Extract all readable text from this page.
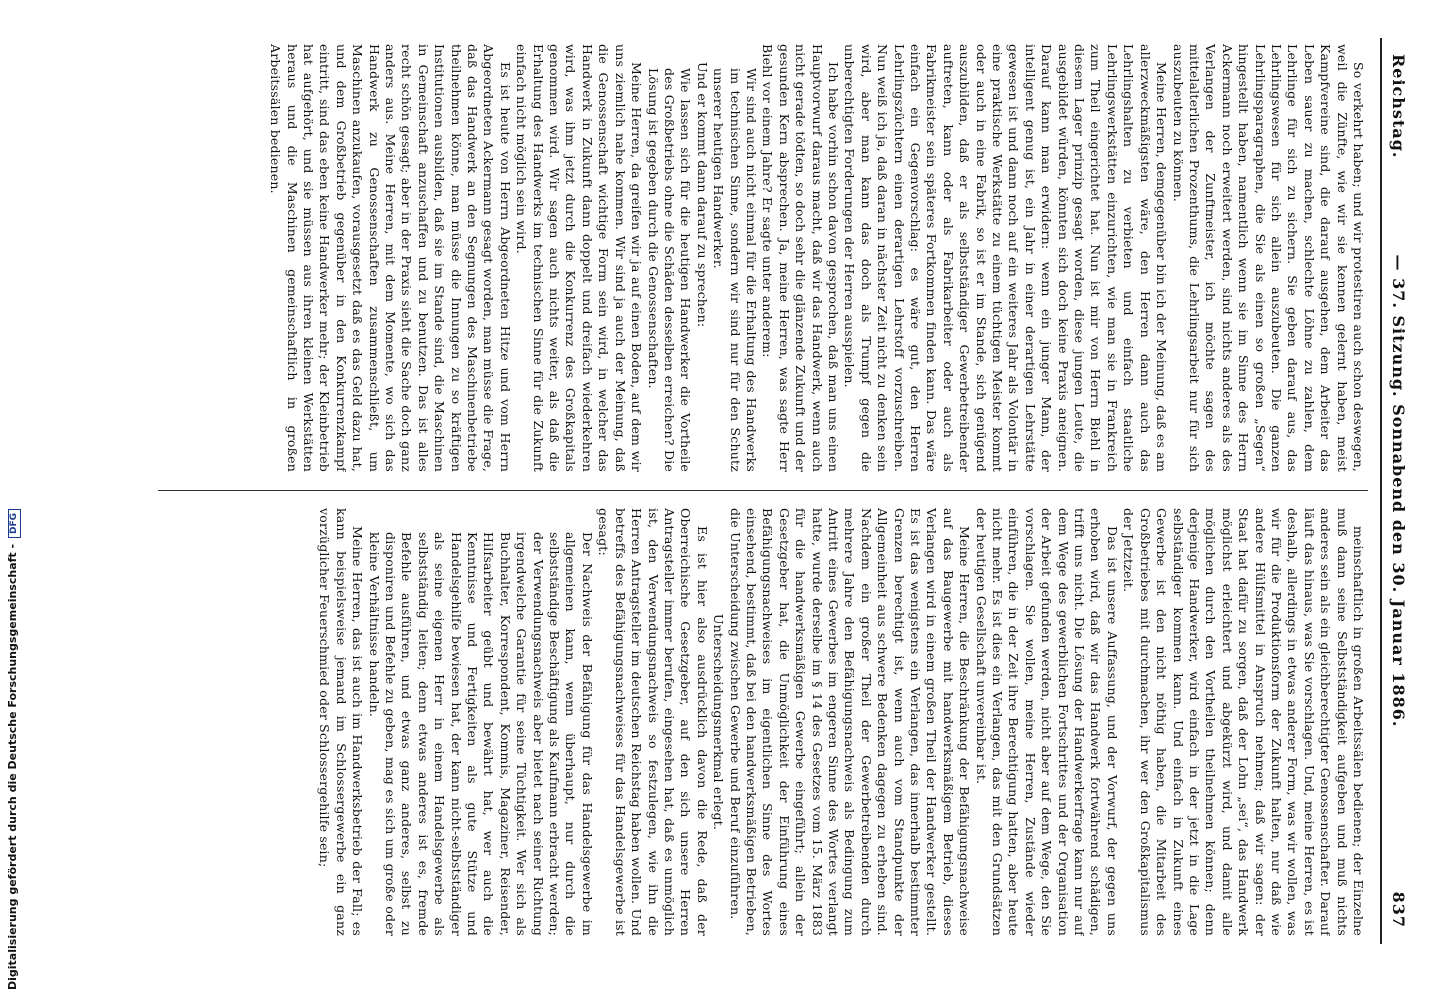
Digitalisierung gefördert durch die Deutsche Forschungsgemeinschaft -DFG
Reichstag.
— 37. Sitzung. Sonnabend den 30. Januar 1886.
837

So verkehrt haben; und wir protestiren auch schon deswegen, weil die Zünfte, wie wir sie kennen gelernt haben, meist Kampfvereine sind, die darauf ausgehen, dem Arbeiter das Leben sauer zu machen, schlechte Löhne zu zahlen, dem Lehrlinge für sich zu sichern. Sie geben darauf aus, das Lehrlingswesen für sich allein auszubeuten. Die ganzen Lehrlingsparagraphen, die Sie als einen so großen „Segen“ hingestellt haben, namentlich wenn sie im Sinne des Herrn Ackermann noch erweitert werden, sind nichts anderes als des Verlangen der Zunftmeister, ich möchte sagen des mittelalterlichen Prozenthums, die Lehrlingsarbeit nur für sich auszubeuten zu können.

Meine Herren, demgegenüber bin ich der Meinung, daß es am allerzweckmäßigsten wäre, den Herren dann auch das Lehrlingshalten zu verbieten und einfach staatliche Lehrlingswerkstätten einzurichten, wie man sie in Frankreich zum Theil eingerichtet hat. Nun ist mir von Herrn Biehl in diesem Lager prinzip gesagt worden, diese jungen Leute, die ausgebildet würden, könnten sich doch keine Praxis aneignen. Darauf kann man erwidern: wenn ein junger Mann, der intelligent genug ist, ein Jahr in einer derartigen Lehrstätte gewesen ist und dann noch auf ein weiteres Jahr als Volontär in eine praktische Werkstätte zu einem tüchtigen Meister kommt oder auch in eine Fabrik, so ist er im Stande, sich genügend auszubilden, daß er als selbstständiger Gewerbetreibender auftreten, kann oder als Fabrikarbeiter oder auch als Fabrikmeister sein späteres Fortkommen finden kann. Das wäre einfach ein Gegenvorschlag: es wäre gut, den Herren Lehrlingszüchtern einen derartigen Lehrstoff vorzuschreiben. Nun weiß ich ja, daß daran in nächster Zeit nicht zu denken sein wird, aber man kann das doch als Trumpf gegen die unberechtigten Forderungen der Herren ausspielen.

Ich habe vorhin schon davon gesprochen, daß man uns einen Hauptvorwurf daraus macht, daß wir das Handwerk, wenn auch nicht gerade tödten, so doch sehr die glänzende Zukunft und der gesunden Kern absprechen. Ja, meine Herren, was sagte Herr Biehl vor einem Jahre? Er sagte unter anderem:

Wir sind auch nicht einmal für die Erhaltung des Handwerks im technischen Sinne, sondern wir sind nur für den Schutz unserer heutigen Handwerker.

Und er kommt dann darauf zu sprechen:

Wie lassen sich für die heutigen Handwerker die Vortheile des Großbetriebs ohne die Schäden desselben erreichen? Die Lösung ist gegeben durch die Genossenschaften.

Meine Herren, da greifen wir ja auf einen Boden, auf dem wir uns ziemlich nahe kommen. Wir sind ja auch der Meinung, daß die Genossenschaft wichtige Form sein wird, in welcher das Handwerk in Zukunft dann doppelt und dreifach wiederkehren wird, was ihm jetzt durch die Konkurrenz des Großkapitals genommen wird. Wir sagen auch nichts weiter, als daß die Erhaltung des Handwerks im technischen Sinne für die Zukunft einfach nicht möglich sein wird.

Es ist heute von Herrn Abgeordneten Hitze und vom Herrn Abgeordneten Ackermann gesagt worden, man müsse die Frage, daß das Handwerk an den Segnungen des Maschinenbetriebe theilnehmen könne, man müsse die Innungen zu so kräftigen Institutionen ausbilden, daß sie im Stande sind, die Maschinen in Gemeinschaft anzuschaffen und zu benutzen. Das ist alles recht schön gesagt; aber in der Praxis sieht die Sache doch ganz anders aus. Meine Herren, mit dem Momente, wo sich das Handwerk zu Genossenschaften zusammenschließt, um Maschinen anzukaufen, vorausgesetzt daß es das Geld dazu hat, und dem Großbetrieb gegenüber in den Konkurrenzkampf eintritt, sind das eben keine Handwerker mehr; der Kleinbetrieb hat aufgehört, und sie müssen aus ihren kleinen Werkstätten heraus und die Maschinen gemeinschaftlich in großen Arbeitssälen bedienen.

meinschaftlich in großen Arbeitssälen bedienen; der Einzelne muß dann seine Selbstständigkeit aufgeben und muß nichts anderes sein als ein gleichberechtigter Genossenschafter. Darauf läuft das hinaus, was Sie vorschlagen. Und, meine Herren, es ist deshalb, allerdings in etwas anderer Form, was wir wollen, was wir für die Produktionsform der Zukunft halten, nur daß wie andere Hülfsmittel in Anspruch nehmen; daß wir sagen: der Staat hat dafür zu sorgen, daß der Lohn „sei“, das Handwerk möglichst erleichtert und abgekürzt wird, und damit alle möglichen durch den Vortheilen theilnehmen können; denn derjenige Handwerker, wird einfach in der jetzt in die Lage selbständiger kommen kann. Und einfach in Zukunft eines Gewerbe ist den nicht nöthig haben, die Mitarbeit des Großbetriebes mit durchmachen, ihr wer den Großkapitalismus der Jetztzeit.

Das ist unsere Auffassung, und der Vorwurf, der gegen uns erhoben wird, daß wir das Handwerk fortwährend schädigen, trifft uns nicht. Die Lösung der Handwerkerfrage kann nur auf dem Wege des gewerblichen Fortschrittes und der Organisation der Arbeit gefunden werden, nicht aber auf dem Wege, den Sie vorschlagen. Sie wollen, meine Herren, Zustände wieder einführen, die in der Zeit ihre Berechtigung hatten, aber heute nicht mehr. Es ist dies ein Verlangen, das mit den Grundsätzen der heutigen Gesellschaft unvereinbar ist.

Meine Herren, die Beschränkung der Befähigungsnachweise auf das Baugewerbe mit handwerksmäßigem Betrieb, dieses Verlangen wird in einem großen Theil der Handwerker gestellt. Es ist das wenigstens ein Verlangen, das innerhalb bestimmter Grenzen berechtigt ist, wenn auch vom Standpunkte der Allgemeinheit aus schwere Bedenken dagegen zu erheben sind. Nachdem ein großer Theil der Gewerbetreibenden durch mehrere Jahre den Befähigungsnachweis als Bedingung zum Antritt eines Gewerbes im engeren Sinne des Wortes verlangt hatte, wurde derselbe im § 14 des Gesetzes vom 15. März 1883 für die handwerksmäßigen Gewerbe eingeführt; allein der Gesetzgeber hat, die Unmöglichkeit der Einführung eines Befähigungsnachweises im eigentlichen Sinne des Wortes einsehend, bestimmt, daß bei den handwerksmäßigen Betrieben, die Unterscheidung zwischen Gewerbe und Beruf einzuführen.

Unterscheidungsmerkmal erlegt.

Es ist hier also ausdrücklich davon die Rede, daß der Oberreichische Gesetzgeber, auf den sich unsere Herren Antragsteller immer berufen, eingesehen hat, daß es unmöglich ist, den Verwendungsnachweis so festzulegen, wie ihn die Herren Antragsteller im deutschen Reichstag haben wollen. Und betreffs des Befähigungsnachweises für das Handelsgewerbe ist gesagt:

Der Nachweis der Befähigung für das Handelsgewerbe im allgemeinen kann, wenn überhaupt, nur durch die selbstständige Beschäftigung als Kaufmann erbracht werden; der Verwendungsnachweis aber bietet nach seiner Richtung irgendwelche Garantie für seine Tüchtigkeit. Wer sich als Buchhalter, Korrespondent, Kommis, Magaziner, Reisender, Hilfsarbeiter geübt und bewährt hat, wer auch die Kenntnisse und Fertigkeiten als gute Stütze und Handelsgehilfe bewiesen hat, der kann nicht-selbstständiger als seine eigenen Herr in einem Handelsgewerbe als selbstständig leiten; denn etwas anderes ist es, fremde Befehle ausführen, und etwas ganz anderes, selbst zu disponiren und Befehle zu geben, mag es sich um große oder kleine Verhältnisse handeln.

Meine Herren, das ist auch im Handwerksbetrieb der Fall; es kann beispielsweise jemand im Schlossergewerbe ein ganz vorzüglicher Feuerschmied oder Schlossergehilfe sein;
